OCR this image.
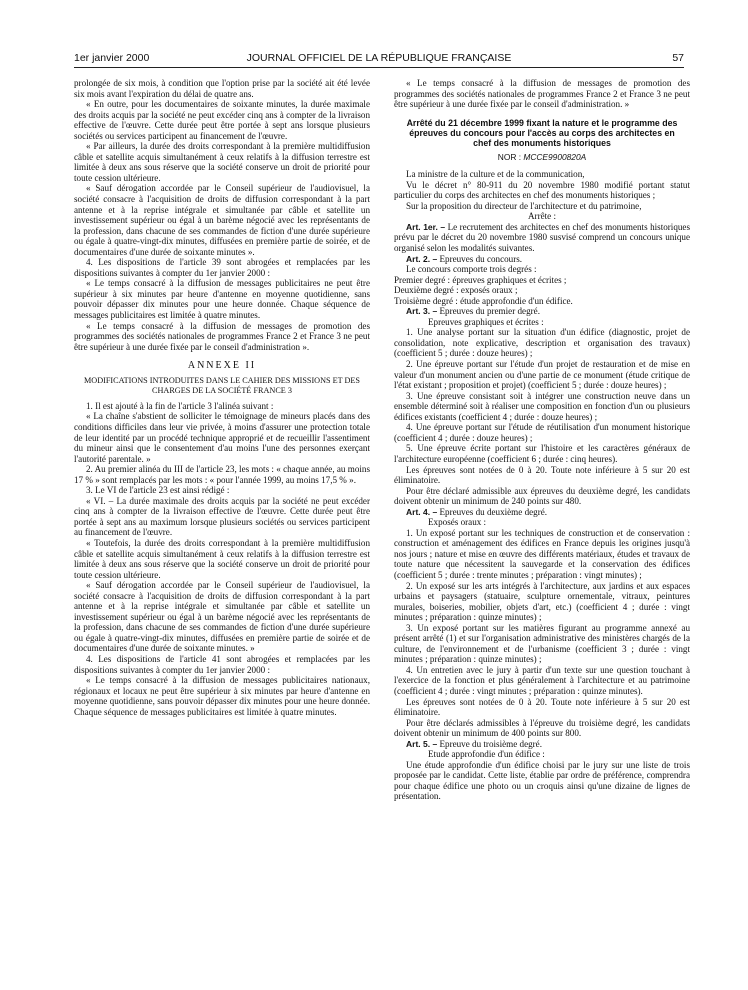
1er janvier 2000	JOURNAL OFFICIEL DE LA RÉPUBLIQUE FRANÇAISE	57

prolongée de six mois, à condition que l'option prise par la société ait été levée six mois avant l'expiration du délai de quatre ans.

« En outre, pour les documentaires de soixante minutes, la durée maximale des droits acquis par la société ne peut excéder cinq ans à compter de la livraison effective de l'œuvre. Cette durée peut être portée à sept ans lorsque plusieurs sociétés ou services participent au financement de l'œuvre.

« Par ailleurs, la durée des droits correspondant à la première multidiffusion câble et satellite acquis simultanément à ceux relatifs à la diffusion terrestre est limitée à deux ans sous réserve que la société conserve un droit de priorité pour toute cession ultérieure.

« Sauf dérogation accordée par le Conseil supérieur de l'audiovisuel, la société consacre à l'acquisition de droits de diffusion correspondant à la part antenne et à la reprise intégrale et simultanée par câble et satellite un investissement supérieur ou égal à un barème négocié avec les représentants de la profession, dans chacune de ses commandes de fiction d'une durée supérieure ou égale à quatre-vingt-dix minutes, diffusées en première partie de soirée, et de documentaires d'une durée de soixante minutes ».

4. Les dispositions de l'article 39 sont abrogées et remplacées par les dispositions suivantes à compter du 1er janvier 2000 :

« Le temps consacré à la diffusion de messages publicitaires ne peut être supérieur à six minutes par heure d'antenne en moyenne quotidienne, sans pouvoir dépasser dix minutes pour une heure donnée. Chaque séquence de messages publicitaires est limitée à quatre minutes.

« Le temps consacré à la diffusion de messages de promotion des programmes des sociétés nationales de programmes France 2 et France 3 ne peut être supérieur à une durée fixée par le conseil d'administration ».

ANNEXE II

MODIFICATIONS INTRODUITES DANS LE CAHIER DES MISSIONS ET DES CHARGES DE LA SOCIÉTÉ FRANCE 3

1. Il est ajouté à la fin de l'article 3 l'alinéa suivant :

« La chaîne s'abstient de solliciter le témoignage de mineurs placés dans des conditions difficiles dans leur vie privée, à moins d'assurer une protection totale de leur identité par un procédé technique approprié et de recueillir l'assentiment du mineur ainsi que le consentement d'au moins l'une des personnes exerçant l'autorité parentale. »

2. Au premier alinéa du III de l'article 23, les mots : « chaque année, au moins 17 % » sont remplacés par les mots : « pour l'année 1999, au moins 17,5 % ».

3. Le VI de l'article 23 est ainsi rédigé :

« VI. – La durée maximale des droits acquis par la société ne peut excéder cinq ans à compter de la livraison effective de l'œuvre. Cette durée peut être portée à sept ans au maximum lorsque plusieurs sociétés ou services participent au financement de l'œuvre.

« Toutefois, la durée des droits correspondant à la première multidiffusion câble et satellite acquis simultanément à ceux relatifs à la diffusion terrestre est limitée à deux ans sous réserve que la société conserve un droit de priorité pour toute cession ultérieure.

« Sauf dérogation accordée par le Conseil supérieur de l'audiovisuel, la société consacre à l'acquisition de droits de diffusion correspondant à la part antenne et à la reprise intégrale et simultanée par câble et satellite un investissement supérieur ou égal à un barème négocié avec les représentants de la profession, dans chacune de ses commandes de fiction d'une durée supérieure ou égale à quatre-vingt-dix minutes, diffusées en première partie de soirée et de documentaires d'une durée de soixante minutes. »

4. Les dispositions de l'article 41 sont abrogées et remplacées par les dispositions suivantes à compter du 1er janvier 2000 :

« Le temps consacré à la diffusion de messages publicitaires nationaux, régionaux et locaux ne peut être supérieur à six minutes par heure d'antenne en moyenne quotidienne, sans pouvoir dépasser dix minutes pour une heure donnée. Chaque séquence de messages publicitaires est limitée à quatre minutes.

« Le temps consacré à la diffusion de messages de promotion des programmes des sociétés nationales de programmes France 2 et France 3 ne peut être supérieur à une durée fixée par le conseil d'administration. »

Arrêté du 21 décembre 1999 fixant la nature et le programme des épreuves du concours pour l'accès au corps des architectes en chef des monuments historiques

NOR : MCCE9900820A

La ministre de la culture et de la communication,

Vu le décret n° 80-911 du 20 novembre 1980 modifié portant statut particulier du corps des architectes en chef des monuments historiques ;

Sur la proposition du directeur de l'architecture et du patrimoine,

Arrête :

Art. 1er. – Le recrutement des architectes en chef des monuments historiques prévu par le décret du 20 novembre 1980 susvisé comprend un concours unique organisé selon les modalités suivantes.

Art. 2. – Epreuves du concours.

Le concours comporte trois degrés :

Premier degré : épreuves graphiques et écrites ;

Deuxième degré : exposés oraux ;

Troisième degré : étude approfondie d'un édifice.

Art. 3. – Epreuves du premier degré.

Epreuves graphiques et écrites :

1. Une analyse portant sur la situation d'un édifice (diagnostic, projet de consolidation, note explicative, description et organisation des travaux) (coefficient 5 ; durée : douze heures) ;

2. Une épreuve portant sur l'étude d'un projet de restauration et de mise en valeur d'un monument ancien ou d'une partie de ce monument (étude critique de l'état existant ; proposition et projet) (coefficient 5 ; durée : douze heures) ;

3. Une épreuve consistant soit à intégrer une construction neuve dans un ensemble déterminé soit à réaliser une composition en fonction d'un ou plusieurs édifices existants (coefficient 4 ; durée : douze heures) ;

4. Une épreuve portant sur l'étude de réutilisation d'un monument historique (coefficient 4 ; durée : douze heures) ;

5. Une épreuve écrite portant sur l'histoire et les caractères généraux de l'architecture européenne (coefficient 6 ; durée : cinq heures).

Les épreuves sont notées de 0 à 20. Toute note inférieure à 5 sur 20 est éliminatoire.

Pour être déclaré admissible aux épreuves du deuxième degré, les candidats doivent obtenir un minimum de 240 points sur 480.

Art. 4. – Epreuves du deuxième degré.

Exposés oraux :

1. Un exposé portant sur les techniques de construction et de conservation : construction et aménagement des édifices en France depuis les origines jusqu'à nos jours ; nature et mise en œuvre des différents matériaux, études et travaux de toute nature que nécessitent la sauvegarde et la conservation des édifices (coefficient 5 ; durée : trente minutes ; préparation : vingt minutes) ;

2. Un exposé sur les arts intégrés à l'architecture, aux jardins et aux espaces urbains et paysagers (statuaire, sculpture ornementale, vitraux, peintures murales, boiseries, mobilier, objets d'art, etc.) (coefficient 4 ; durée : vingt minutes ; préparation : quinze minutes) ;

3. Un exposé portant sur les matières figurant au programme annexé au présent arrêté (1) et sur l'organisation administrative des ministères chargés de la culture, de l'environnement et de l'urbanisme (coefficient 3 ; durée : vingt minutes ; préparation : quinze minutes) ;

4. Un entretien avec le jury à partir d'un texte sur une question touchant à l'exercice de la fonction et plus généralement à l'architecture et au patrimoine (coefficient 4 ; durée : vingt minutes ; préparation : quinze minutes).

Les épreuves sont notées de 0 à 20. Toute note inférieure à 5 sur 20 est éliminatoire.

Pour être déclarés admissibles à l'épreuve du troisième degré, les candidats doivent obtenir un minimum de 400 points sur 800.

Art. 5. – Epreuve du troisième degré.

Etude approfondie d'un édifice :

Une étude approfondie d'un édifice choisi par le jury sur une liste de trois proposée par le candidat. Cette liste, établie par ordre de préférence, comprendra pour chaque édifice une photo ou un croquis ainsi qu'une dizaine de lignes de présentation.
